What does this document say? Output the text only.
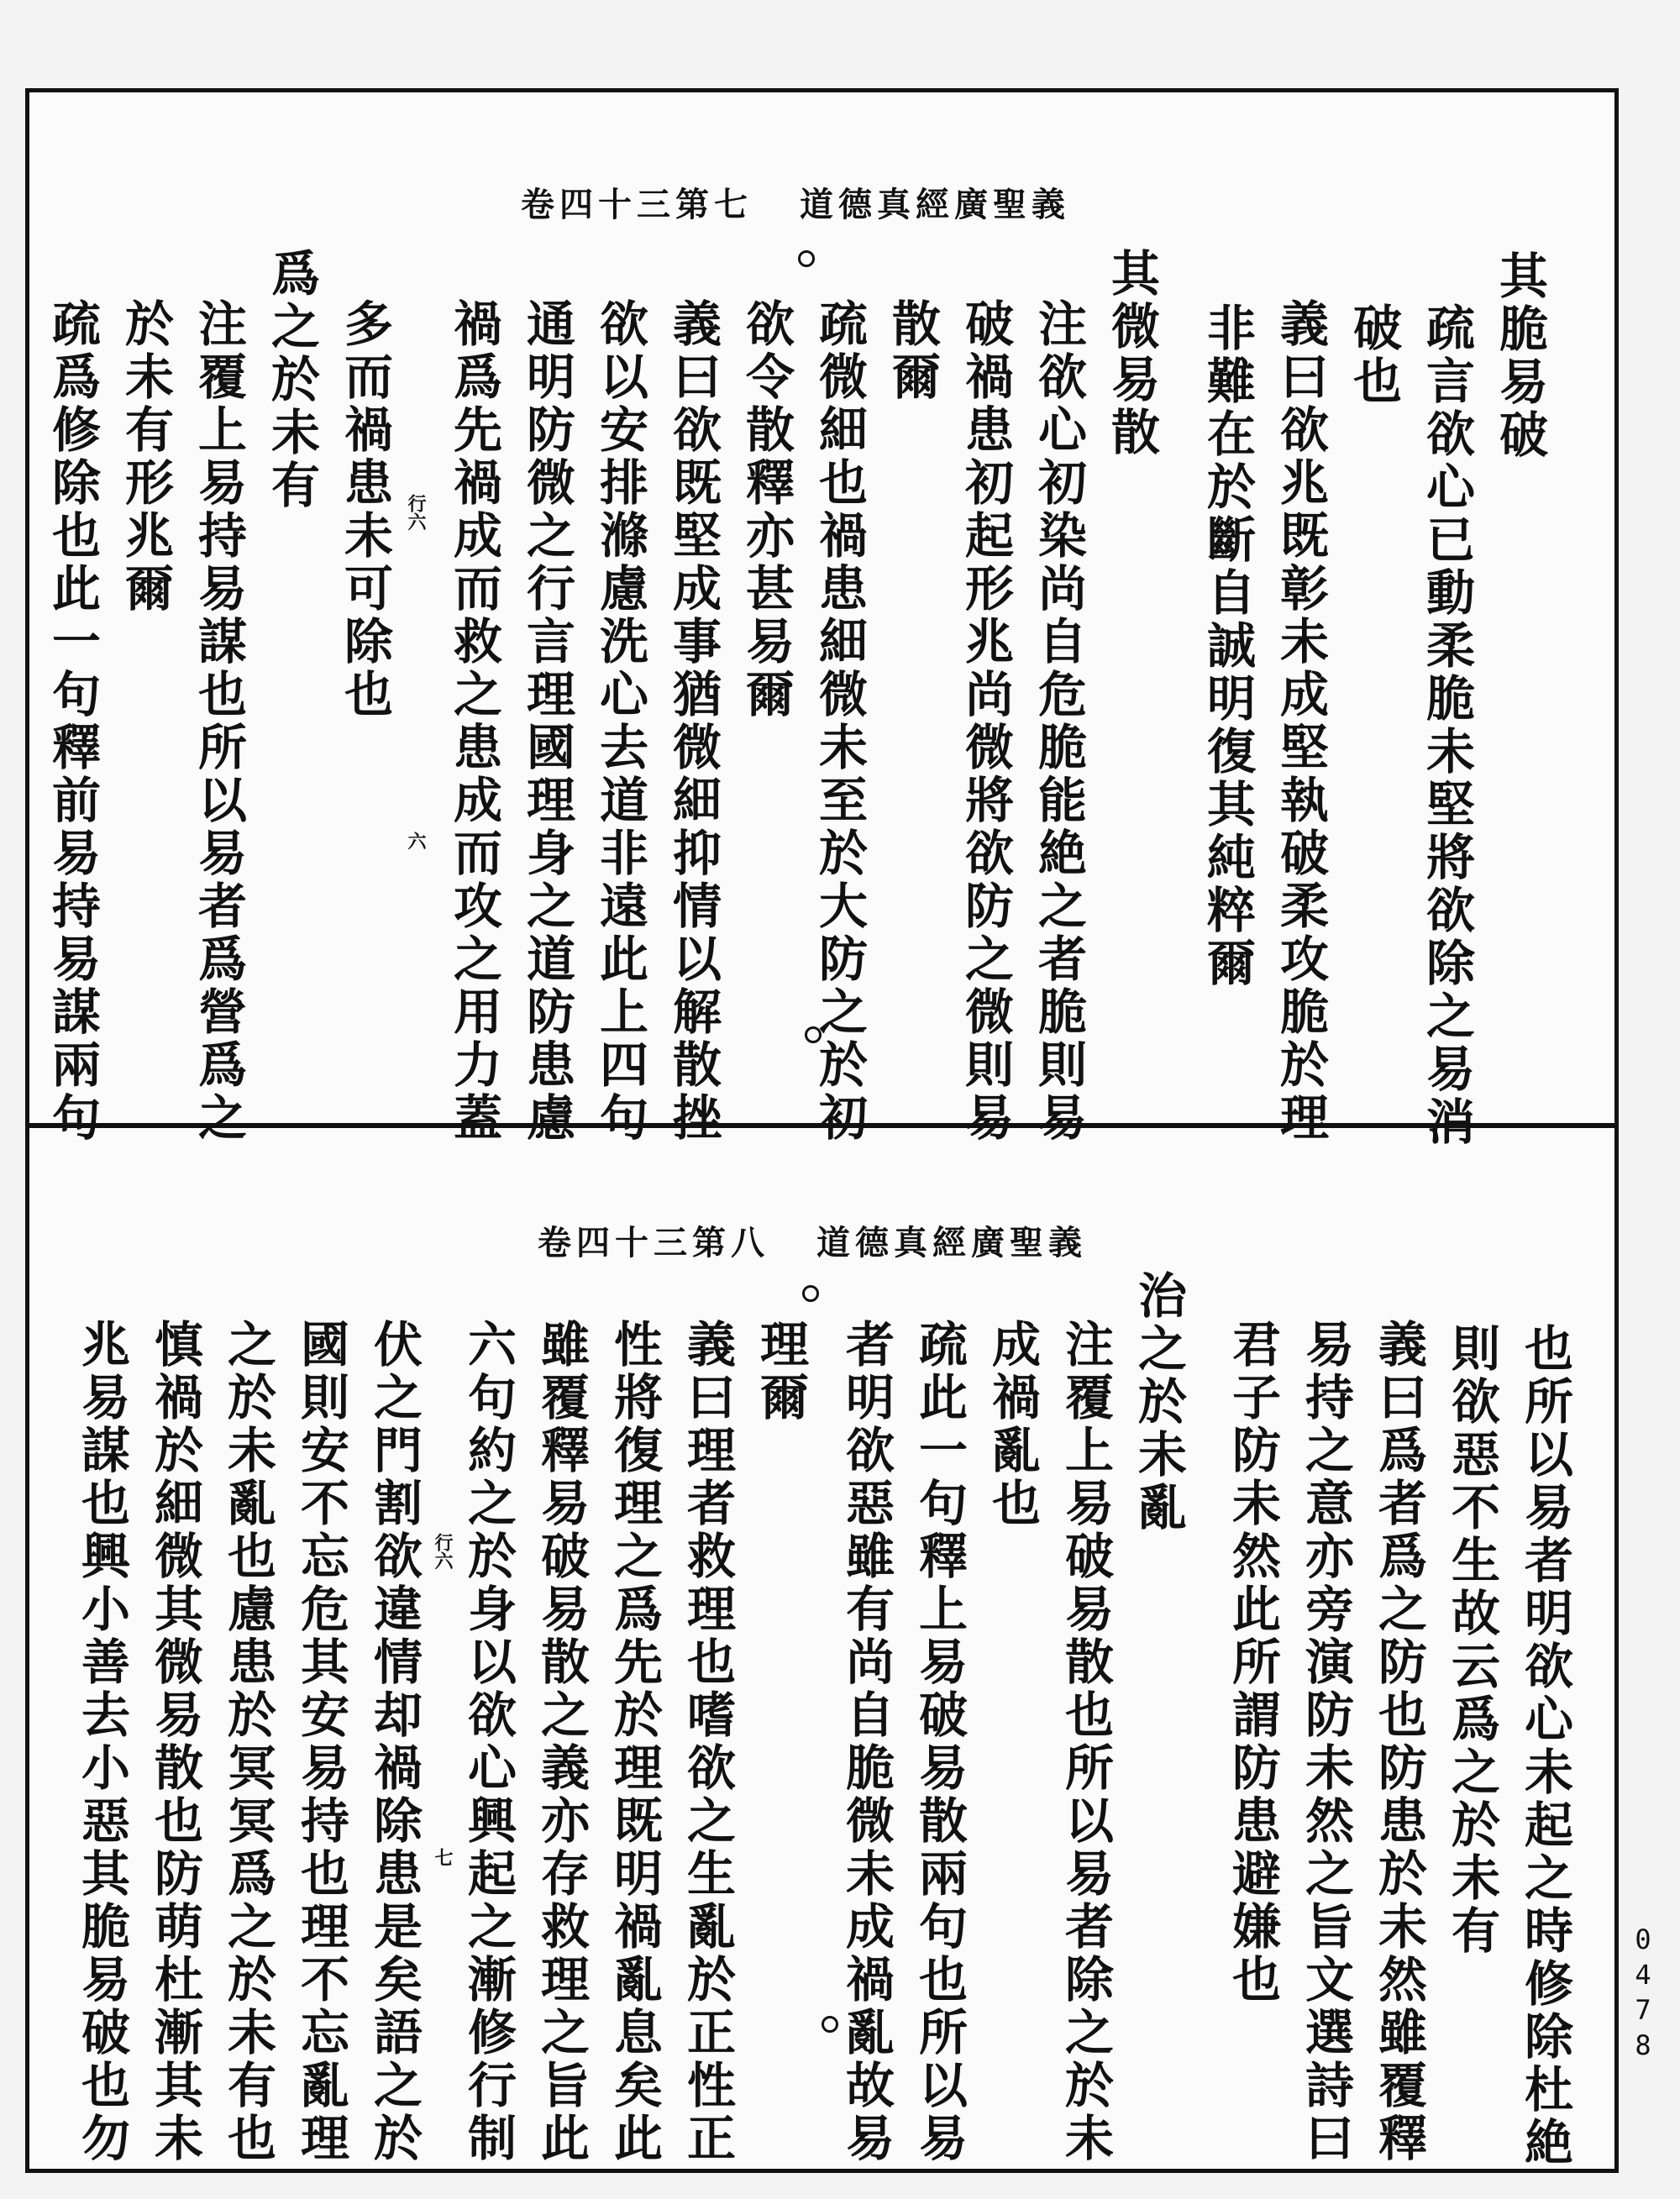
卷四十三第七 道德真經廣聖義
其脆易破
疏言欲心已動柔脆未堅將欲除之易消
破也
義曰欲兆既彰未成堅執破柔攻脆於理
非難在於斷自誠明復其純粹爾
其微易散
注欲心初染尚自危脆能絶之者脆則易
破禍患初起形兆尚微將欲防之微則易
散爾
疏微細也禍患細微未至於大防之於初
欲令散釋亦甚易爾
義曰欲既堅成事猶微細抑情以解散挫
欲以安排滌慮洗心去道非遠此上四句
通明防微之行言理國理身之道防患慮
禍爲先禍成而救之患成而攻之用力蓋
多而禍患未可除也
爲之於未有
注覆上易持易謀也所以易者爲營爲之
於未有形兆爾
疏爲修除也此一句釋前易持易謀兩句	行六
六
卷四十三第八 道德真經廣聖義
也所以易者明欲心未起之時修除杜絶
則欲惡不生故云爲之於未有
義曰爲者爲之防也防患於未然雖覆釋
易持之意亦旁演防未然之旨文選詩曰
君子防未然此所謂防患避嫌也
治之於未亂
注覆上易破易散也所以易者除之於未
成禍亂也
疏此一句釋上易破易散兩句也所以易
者明欲惡雖有尚自脆微未成禍亂故易
理爾
義曰理者救理也嗜欲之生亂於正性正
性將復理之爲先於理既明禍亂息矣此
雖覆釋易破易散之義亦存救理之旨此
六句約之於身以欲心興起之漸修行制
伏之門割欲違情却禍除患是矣語之於
國則安不忘危其安易持也理不忘亂理
之於未亂也慮患於冥冥爲之於未有也
慎禍於細微其微易散也防萌杜漸其未
兆易謀也興小善去小惡其脆易破也勿	行六
七
0478
